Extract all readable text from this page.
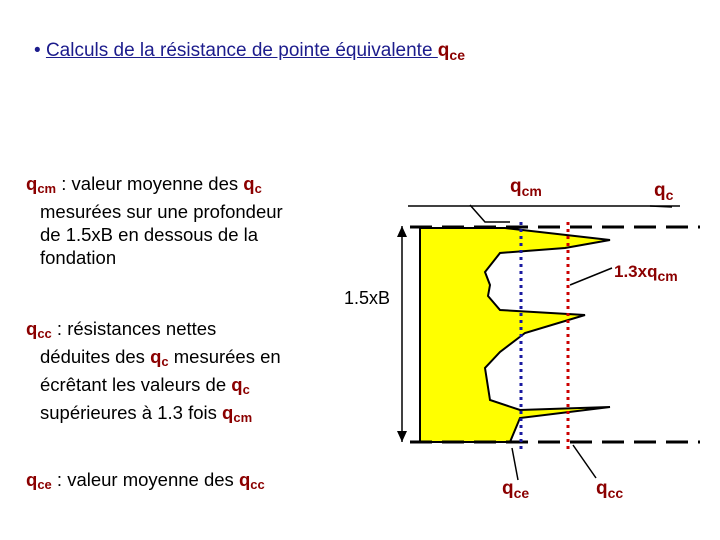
• Calculs de la résistance de pointe équivalente $q_{ce}$
$q_{cm}$ : valeur moyenne des $q_c$
mesurées sur une profondeur
de 1.5xB en dessous de la
fondation
$q_{cc}$ : résistances nettes
déduites des $q_c$ mesurées en
écrêtant les valeurs de $q_c$
supérieures à 1.3 fois $q_{cm}$
$q_{ce}$ : valeur moyenne des $q_{cc}$
$q_{cm}$	$q_c$
$1.3xq_{cm}$
1.5xB
$q_{ce}$	$q_{cc}$
